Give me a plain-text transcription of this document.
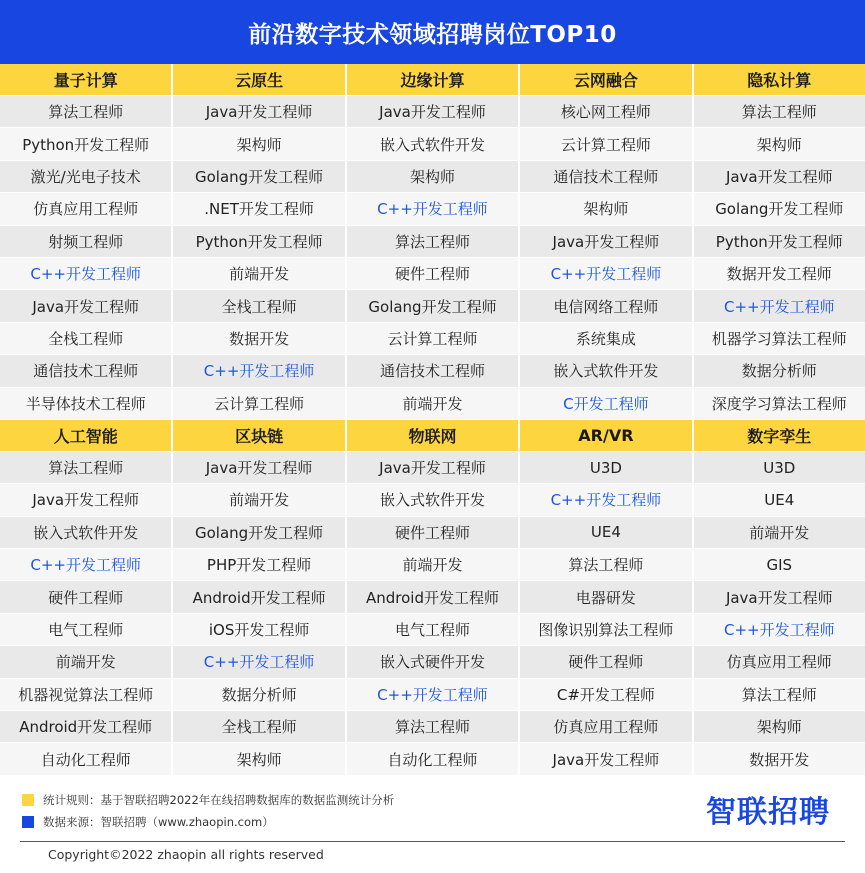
前沿数字技术领域招聘岗位TOP10
量子计算	云原生	边缘计算	云网融合	隐私计算
算法工程师	Java开发工程师	Java开发工程师	核心网工程师	算法工程师
Python开发工程师	架构师	嵌入式软件开发	云计算工程师	架构师
激光/光电子技术	Golang开发工程师	架构师	通信技术工程师	Java开发工程师
仿真应用工程师	.NET开发工程师	C++开发工程师	架构师	Golang开发工程师
射频工程师	Python开发工程师	算法工程师	Java开发工程师	Python开发工程师
C++开发工程师	前端开发	硬件工程师	C++开发工程师	数据开发工程师
Java开发工程师	全栈工程师	Golang开发工程师	电信网络工程师	C++开发工程师
全栈工程师	数据开发	云计算工程师	系统集成	机器学习算法工程师
通信技术工程师	C++开发工程师	通信技术工程师	嵌入式软件开发	数据分析师
半导体技术工程师	云计算工程师	前端开发	C开发工程师	深度学习算法工程师
人工智能	区块链	物联网	AR/VR	数字孪生
算法工程师	Java开发工程师	Java开发工程师	U3D	U3D
Java开发工程师	前端开发	嵌入式软件开发	C++开发工程师	UE4
嵌入式软件开发	Golang开发工程师	硬件工程师	UE4	前端开发
C++开发工程师	PHP开发工程师	前端开发	算法工程师	GIS
硬件工程师	Android开发工程师	Android开发工程师	电器研发	Java开发工程师
电气工程师	iOS开发工程师	电气工程师	图像识别算法工程师	C++开发工程师
前端开发	C++开发工程师	嵌入式硬件开发	硬件工程师	仿真应用工程师
机器视觉算法工程师	数据分析师	C++开发工程师	C#开发工程师	算法工程师
Android开发工程师	全栈工程师	算法工程师	仿真应用工程师	架构师
自动化工程师	架构师	自动化工程师	Java开发工程师	数据开发
统计规则：基于智联招聘2022年在线招聘数据库的数据监测统计分析
数据来源：智联招聘（www.zhaopin.com）	智联招聘
Copyright©2022 zhaopin all rights reserved
